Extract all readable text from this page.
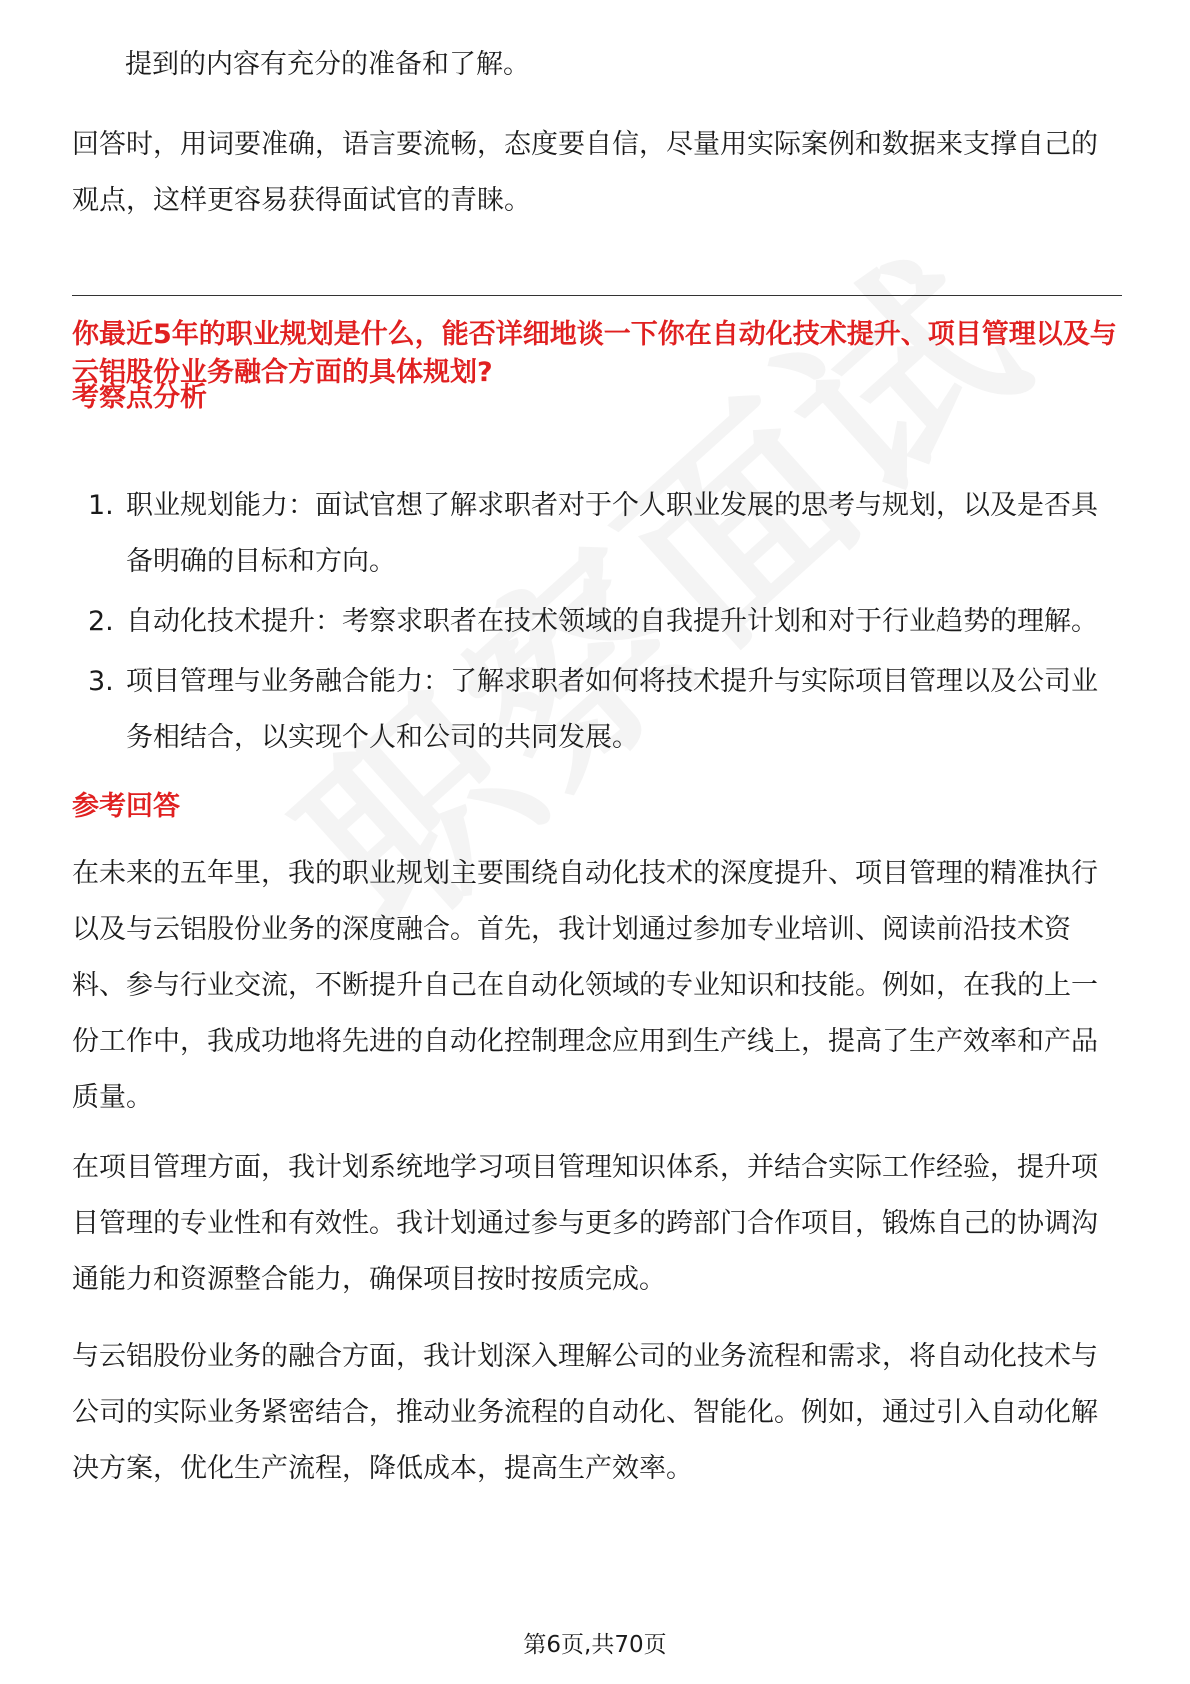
提到的内容有充分的准备和了解。

回答时，用词要准确，语言要流畅，态度要自信，尽量用实际案例和数据来支撑自己的观点，这样更容易获得面试官的青睐。

你最近5年的职业规划是什么，能否详细地谈一下你在自动化技术提升、项目管理以及与云铝股份业务融合方面的具体规划?

考察点分析

1. 职业规划能力：面试官想了解求职者对于个人职业发展的思考与规划，以及是否具备明确的目标和方向。
2. 自动化技术提升：考察求职者在技术领域的自我提升计划和对于行业趋势的理解。
3. 项目管理与业务融合能力：了解求职者如何将技术提升与实际项目管理以及公司业务相结合，以实现个人和公司的共同发展。

参考回答

在未来的五年里，我的职业规划主要围绕自动化技术的深度提升、项目管理的精准执行以及与云铝股份业务的深度融合。首先，我计划通过参加专业培训、阅读前沿技术资料、参与行业交流，不断提升自己在自动化领域的专业知识和技能。例如，在我的上一份工作中，我成功地将先进的自动化控制理念应用到生产线上，提高了生产效率和产品质量。

在项目管理方面，我计划系统地学习项目管理知识体系，并结合实际工作经验，提升项目管理的专业性和有效性。我计划通过参与更多的跨部门合作项目，锻炼自己的协调沟通能力和资源整合能力，确保项目按时按质完成。

与云铝股份业务的融合方面，我计划深入理解公司的业务流程和需求，将自动化技术与公司的实际业务紧密结合，推动业务流程的自动化、智能化。例如，通过引入自动化解决方案，优化生产流程，降低成本，提高生产效率。

第6页,共70页
